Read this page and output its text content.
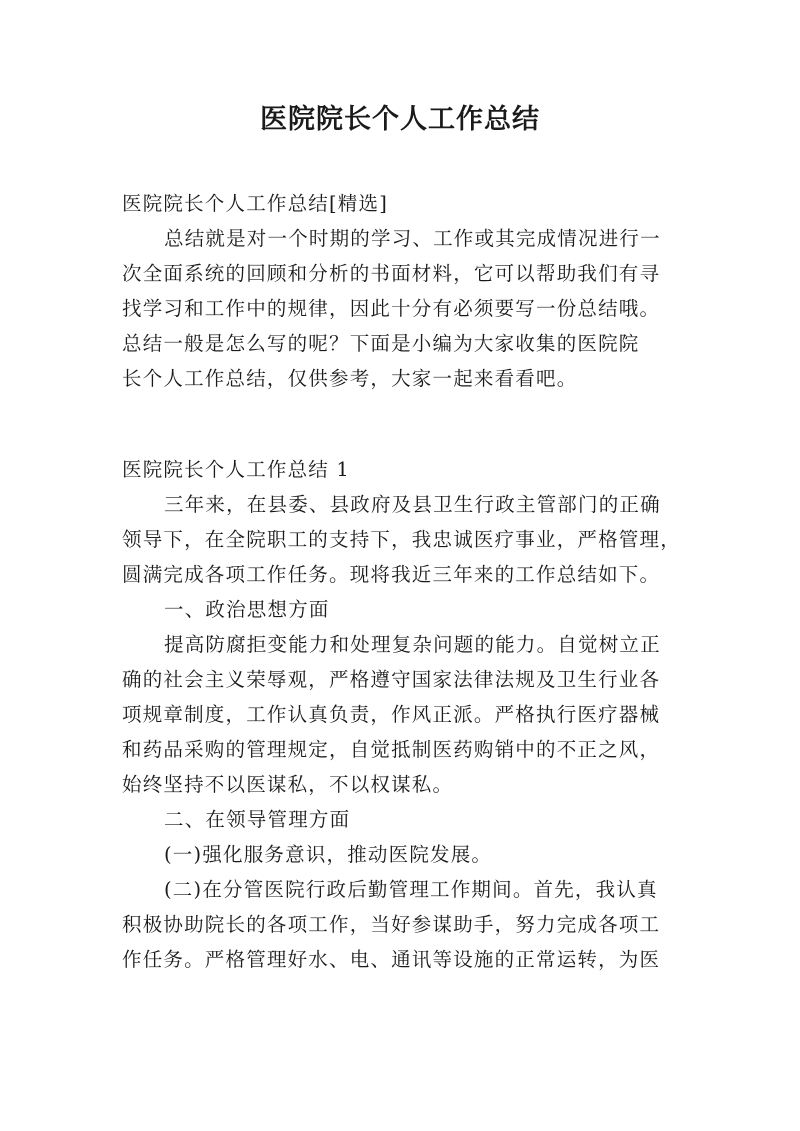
医院院长个人工作总结
医院院长个人工作总结[精选]
总结就是对一个时期的学习、工作或其完成情况进行一
次全面系统的回顾和分析的书面材料，它可以帮助我们有寻
找学习和工作中的规律，因此十分有必须要写一份总结哦。
总结一般是怎么写的呢？下面是小编为大家收集的医院院
长个人工作总结，仅供参考，大家一起来看看吧。
医院院长个人工作总结 1
三年来，在县委、县政府及县卫生行政主管部门的正确
领导下，在全院职工的支持下，我忠诚医疗事业，严格管理，
圆满完成各项工作任务。现将我近三年来的工作总结如下。
一、政治思想方面
提高防腐拒变能力和处理复杂问题的能力。自觉树立正
确的社会主义荣辱观，严格遵守国家法律法规及卫生行业各
项规章制度，工作认真负责，作风正派。严格执行医疗器械
和药品采购的管理规定，自觉抵制医药购销中的不正之风，
始终坚持不以医谋私，不以权谋私。
二、在领导管理方面
(一)强化服务意识，推动医院发展。
(二)在分管医院行政后勤管理工作期间。首先，我认真
积极协助院长的各项工作，当好参谋助手，努力完成各项工
作任务。严格管理好水、电、通讯等设施的正常运转，为医
